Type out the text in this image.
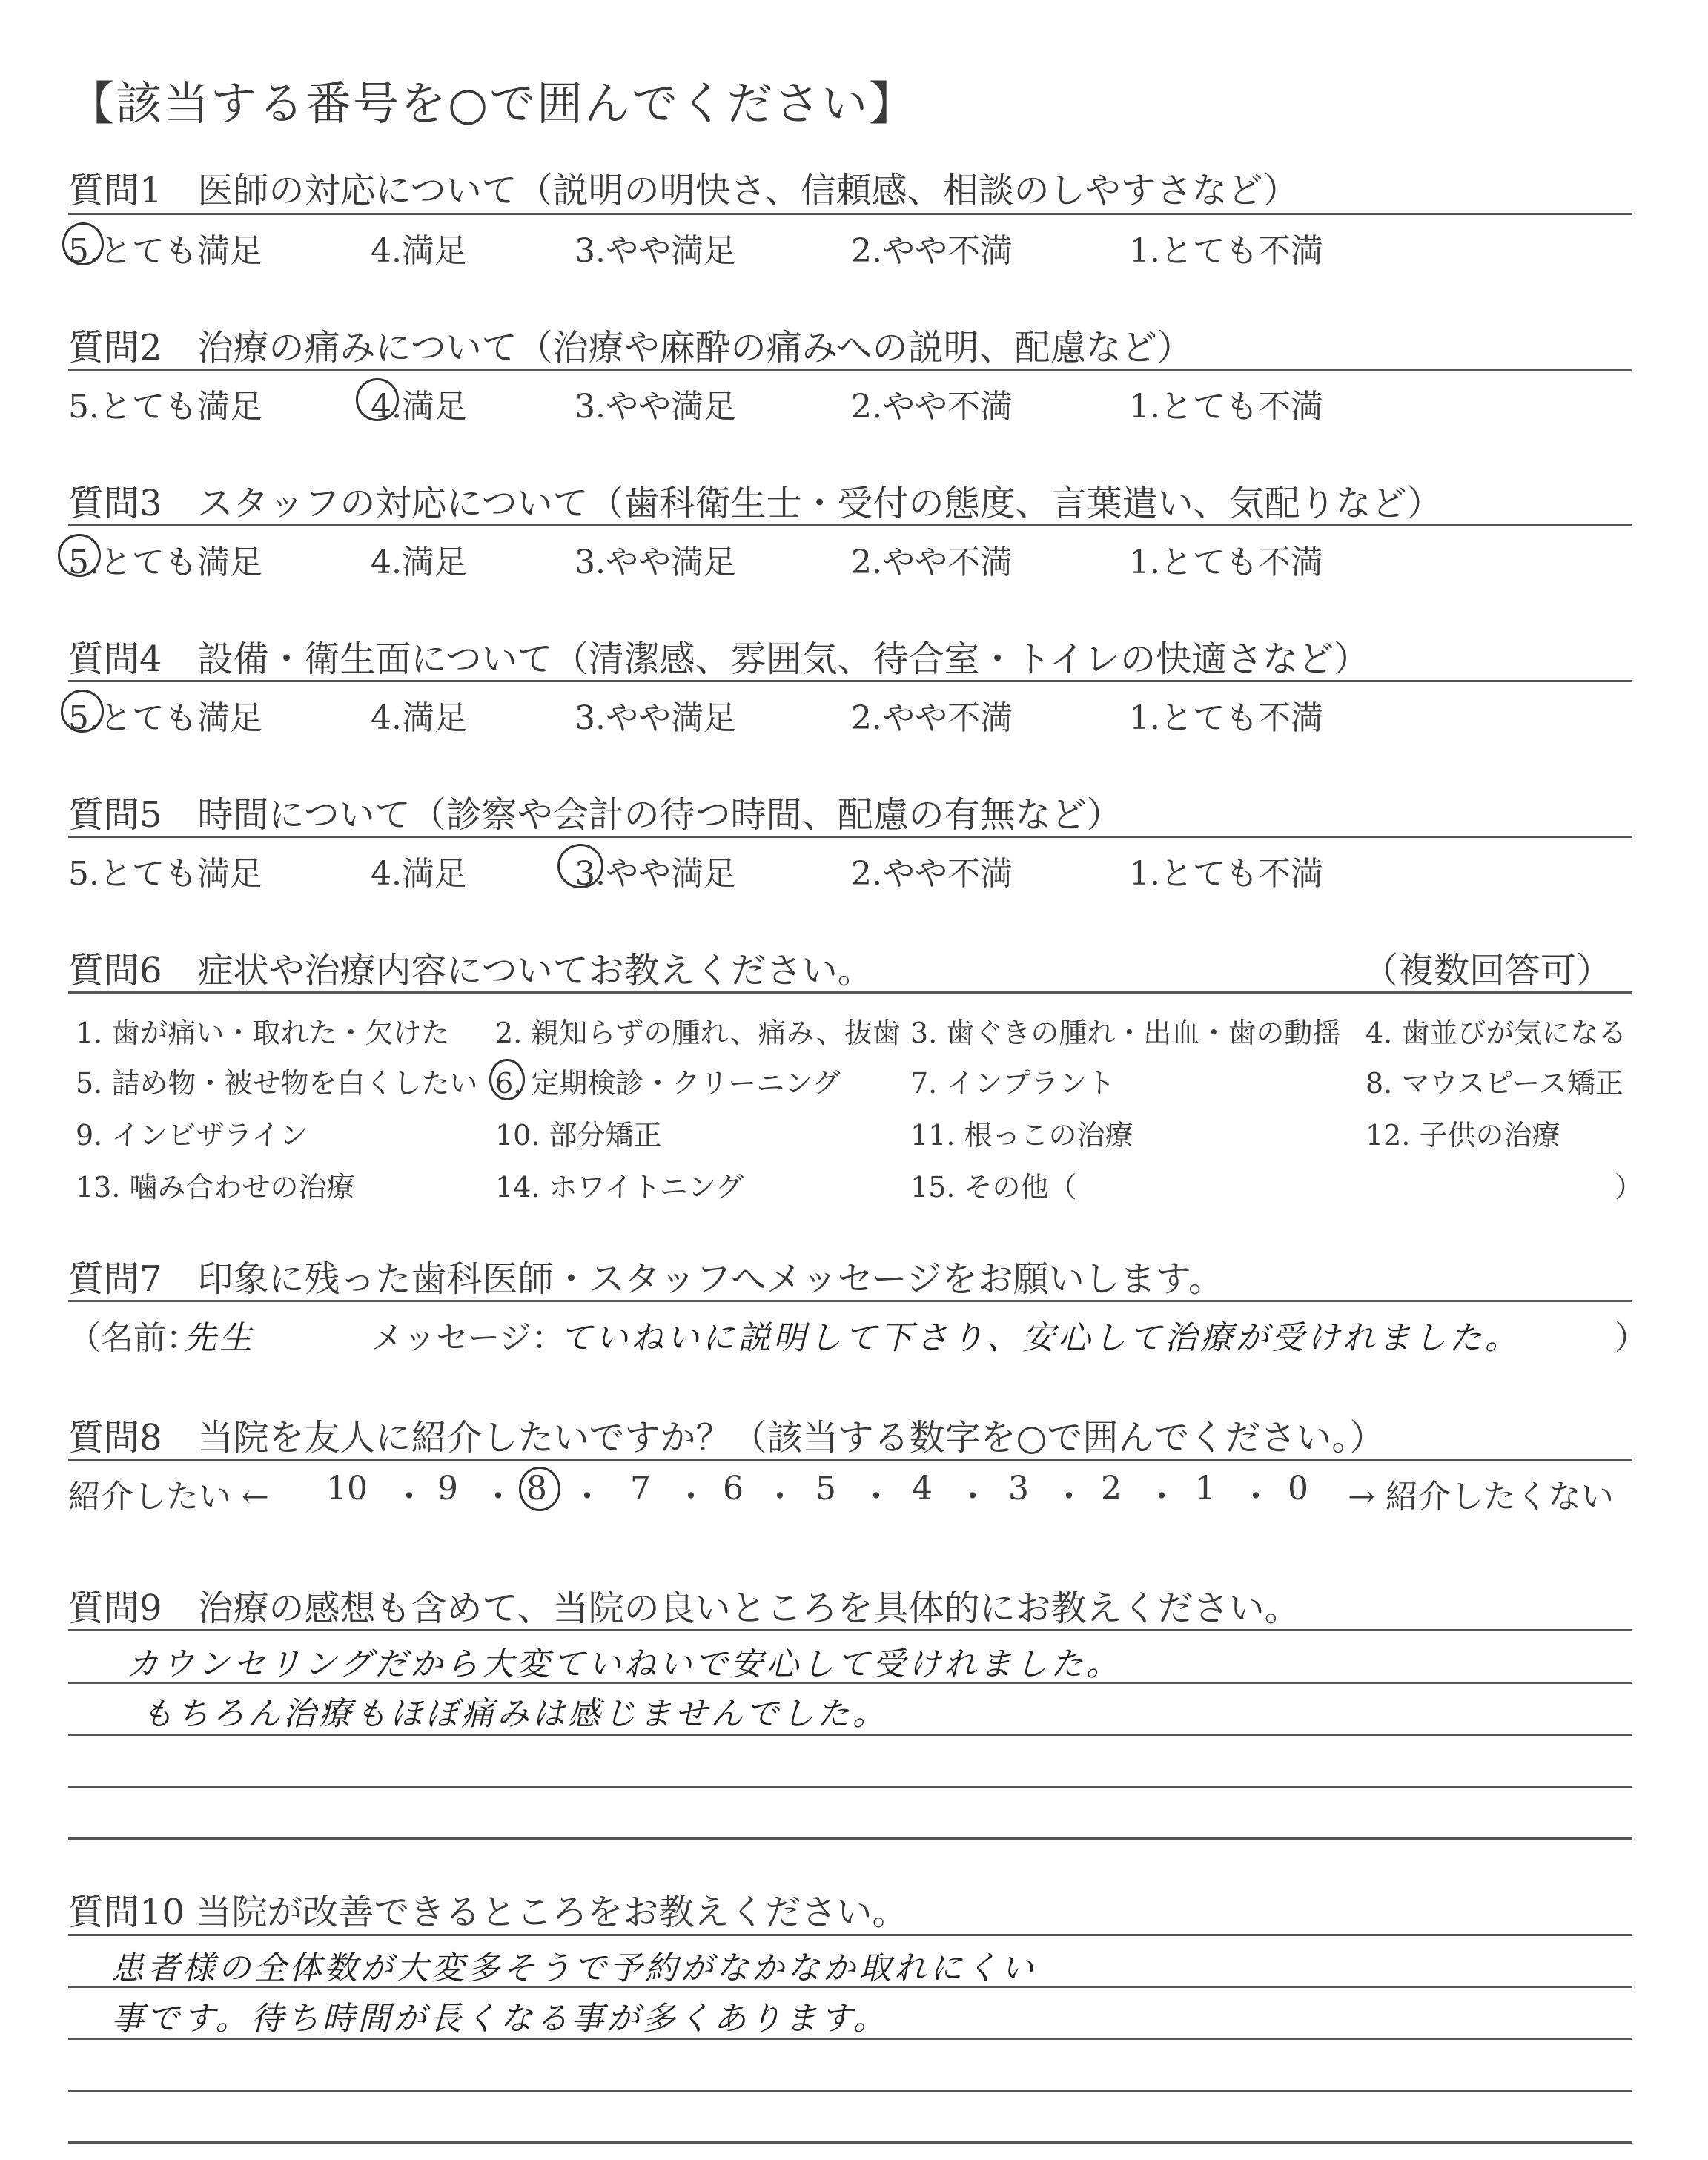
【該当する番号を○で囲んでください】
質問1　医師の対応について（説明の明快さ、信頼感、相談のしやすさなど）
5.とても満足	4.満足	3.やや満足	2.やや不満	1.とても不満
質問2　治療の痛みについて（治療や麻酔の痛みへの説明、配慮など）
5.とても満足	4.満足	3.やや満足	2.やや不満	1.とても不満
質問3　スタッフの対応について（歯科衛生士・受付の態度、言葉遣い、気配りなど）
5.とても満足	4.満足	3.やや満足	2.やや不満	1.とても不満
質問4　設備・衛生面について（清潔感、雰囲気、待合室・トイレの快適さなど）
5.とても満足	4.満足	3.やや満足	2.やや不満	1.とても不満
質問5　時間について（診察や会計の待つ時間、配慮の有無など）
5.とても満足	4.満足	3.やや満足	2.やや不満	1.とても不満
質問6　症状や治療内容についてお教えください。	（複数回答可）
1. 歯が痛い・取れた・欠けた 2. 親知らずの腫れ、痛み、抜歯 3. 歯ぐきの腫れ・出血・歯の動揺 4. 歯並びが気になる
5. 詰め物・被せ物を白くしたい 6. 定期検診・クリーニング 7. インプラント	8. マウスピース矯正
9. インビザライン	10. 部分矯正	11. 根っこの治療	12. 子供の治療
13. 噛み合わせの治療	14. ホワイトニング	15. その他（	）
質問7　印象に残った歯科医師・スタッフへメッセージをお願いします。
（名前：
先生	メッセージ：
ていねいに説明して下さり、安心して治療が受けれました。	）
質問8　当院を友人に紹介したいですか？（該当する数字を○で囲んでください。）
紹介したい ← 10 ・ 9 ・ 8 ・ 7 ・ 6 ・ 5 ・ 4 ・ 3 ・ 2 ・ 1 ・ 0 → 紹介したくない
質問9　治療の感想も含めて、当院の良いところを具体的にお教えください。
カウンセリングだから大変ていねいで安心して受けれました。
もちろん治療もほぼ痛みは感じませんでした。
質問10 当院が改善できるところをお教えください。
患者様の全体数が大変多そうで予約がなかなか取れにくい
事です。待ち時間が長くなる事が多くあります。
